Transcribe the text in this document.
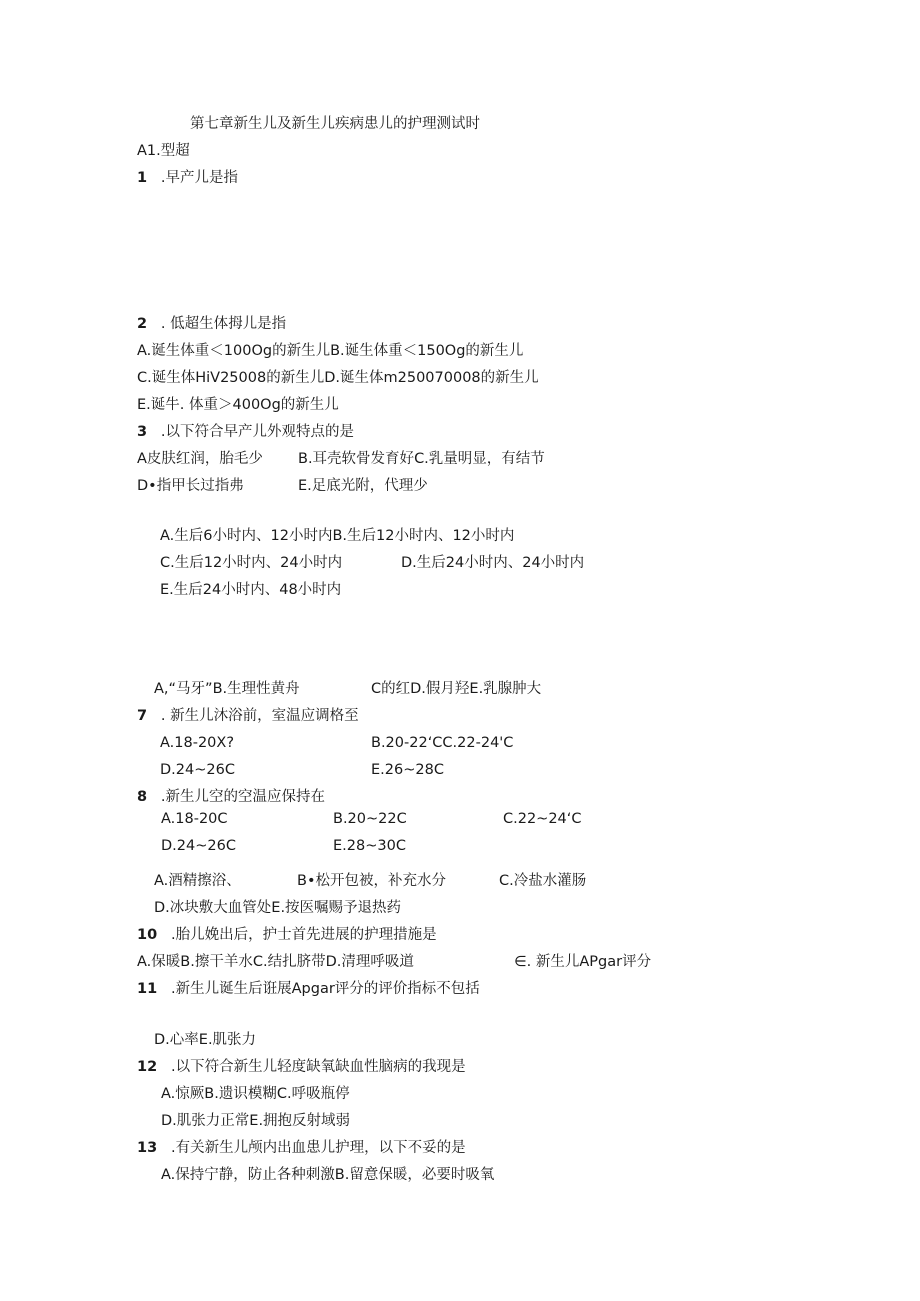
第七章新生儿及新生儿疾病患儿的护理测试时
A1.型超
1 .早产儿是指
2 . 低超生体拇儿是指
A.诞生体重＜100Og的新生儿B.诞生体重＜150Og的新生儿
C.诞生体HiV25008的新生儿D.诞生体m250070008的新生儿
E.诞牛. 体重＞400Og的新生儿
3 .以下符合早产儿外观特点的是
A皮肤红润，胎毛少 B.耳壳软骨发育好C.乳量明显，有结节
D•指甲长过指弗	E.足底光附，代理少
A.生后6小时内、12小时内B.生后12小时内、12小时内
C.生后12小时内、24小时内	D.生后24小时内、24小时内
E.生后24小时内、48小时内
A,“马牙”B.生理性黄舟	C的红D.假月羟E.乳腺肿大
7 . 新生儿沐浴前，室温应调格至
A.18-20X?	B.20-22‘CC.22-24'C
D.24~26C	E.26~28C
8 .新生儿空的空温应保持在
A.18-20C	B.20~22C	C.22~24‘C
D.24~26C	E.28~30C
A.酒精擦浴、	B•松开包被，补充水分	C.冷盐水灌肠
D.冰块敷大血管处E.按医嘱赐予退热药
10 .胎儿娩出后，护士首先进展的护理措施是
A.保暖B.擦干羊水C.结扎脐带D.清理呼吸道	∈. 新生儿APgar评分
11 .新生儿诞生后诳展Apgar评分的评价指标不包括
D.心率E.肌张力
12 .以下符合新生儿轻度缺氧缺血性脑病的我现是
A.惊厥B.遗识模糊C.呼吸瓶停
D.肌张力正常E.拥抱反射域弱
13 .有关新生儿颅内出血患儿护理，以下不妥的是
A.保持宁静，防止各种刺激B.留意保暖，必要时吸氧
